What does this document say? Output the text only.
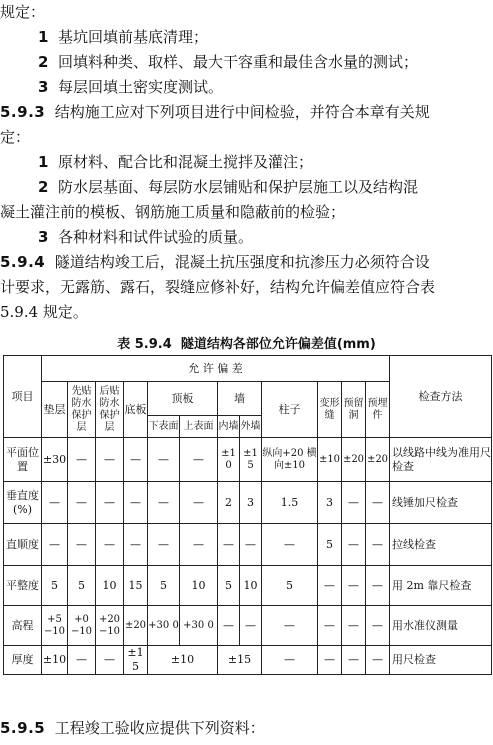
规定：
1 基坑回填前基底清理；
2 回填料种类、取样、最大干容重和最佳含水量的测试；
3 每层回填土密实度测试。
5.9.3 结构施工应对下列项目进行中间检验，并符合本章有关规
定：
1 原材料、配合比和混凝土搅拌及灌注；
2 防水层基面、每层防水层铺贴和保护层施工以及结构混
凝土灌注前的模板、钢筋施工质量和隐蔽前的检验；
3 各种材料和试件试验的质量。
5.9.4 隧道结构竣工后，混凝土抗压强度和抗渗压力必须符合设
计要求，无露筋、露石，裂缝应修补好，结构允许偏差值应符合表
5.9.4 规定。
表 5.9.4 隧道结构各部位允许偏差值(mm)
项目	允 许 偏 差												检查方法
	垫层	先贴防水保护层	后贴防水保护层	底板	顶板		墙		柱子	变形缝	预留洞	预埋件	
					下表面	上表面	内墙	外墙					
平面位置	±30	—	—	—	—	—	±10	±15	纵向+20 横向±10	±10	±20	±20	以线路中线为准用尺检查
垂直度(%)	—	—	—	—	—	—	2	3	1.5	3	—	—	线锤加尺检查
直顺度	—	—	—	—	—	—	—	—	—	5	—	—	拉线检查
平整度	5	5	10	15	5	10	5	10	5	—	—	—	用 2m 靠尺检查
高程	+5 −10	+0 −10	+20 −10	±20	+30 0	+30 0	—	—	—	—	—	—	用水准仪测量
厚度	±10	—	—	±15	±10		±15		—	—	—	—	用尺检查
5.9.5 工程竣工验收应提供下列资料：
